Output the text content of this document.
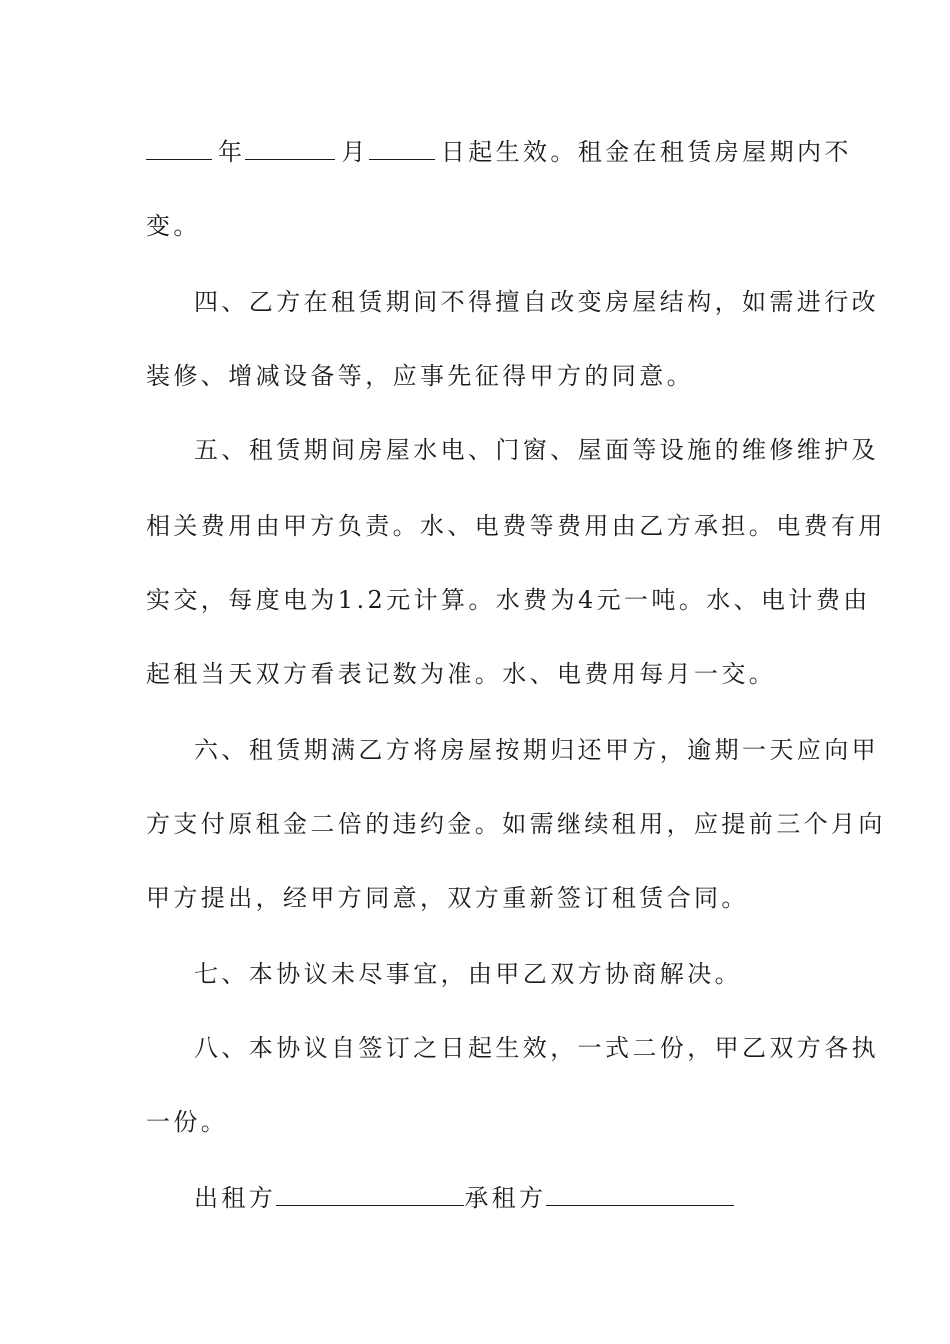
年	月	日起生效。租金在租赁房屋期内不
变。
四、乙方在租赁期间不得擅自改变房屋结构，如需进行改
装修、增减设备等，应事先征得甲方的同意。
五、租赁期间房屋水电、门窗、屋面等设施的维修维护及
相关费用由甲方负责。水、电费等费用由乙方承担。电费有用
实交，每度电为1.2元计算。水费为4元一吨。水、电计费由
起租当天双方看表记数为准。水、电费用每月一交。
六、租赁期满乙方将房屋按期归还甲方，逾期一天应向甲
方支付原租金二倍的违约金。如需继续租用，应提前三个月向
甲方提出，经甲方同意，双方重新签订租赁合同。
七、本协议未尽事宜，由甲乙双方协商解决。
八、本协议自签订之日起生效，一式二份，甲乙双方各执
一份。
出租方	承租方
